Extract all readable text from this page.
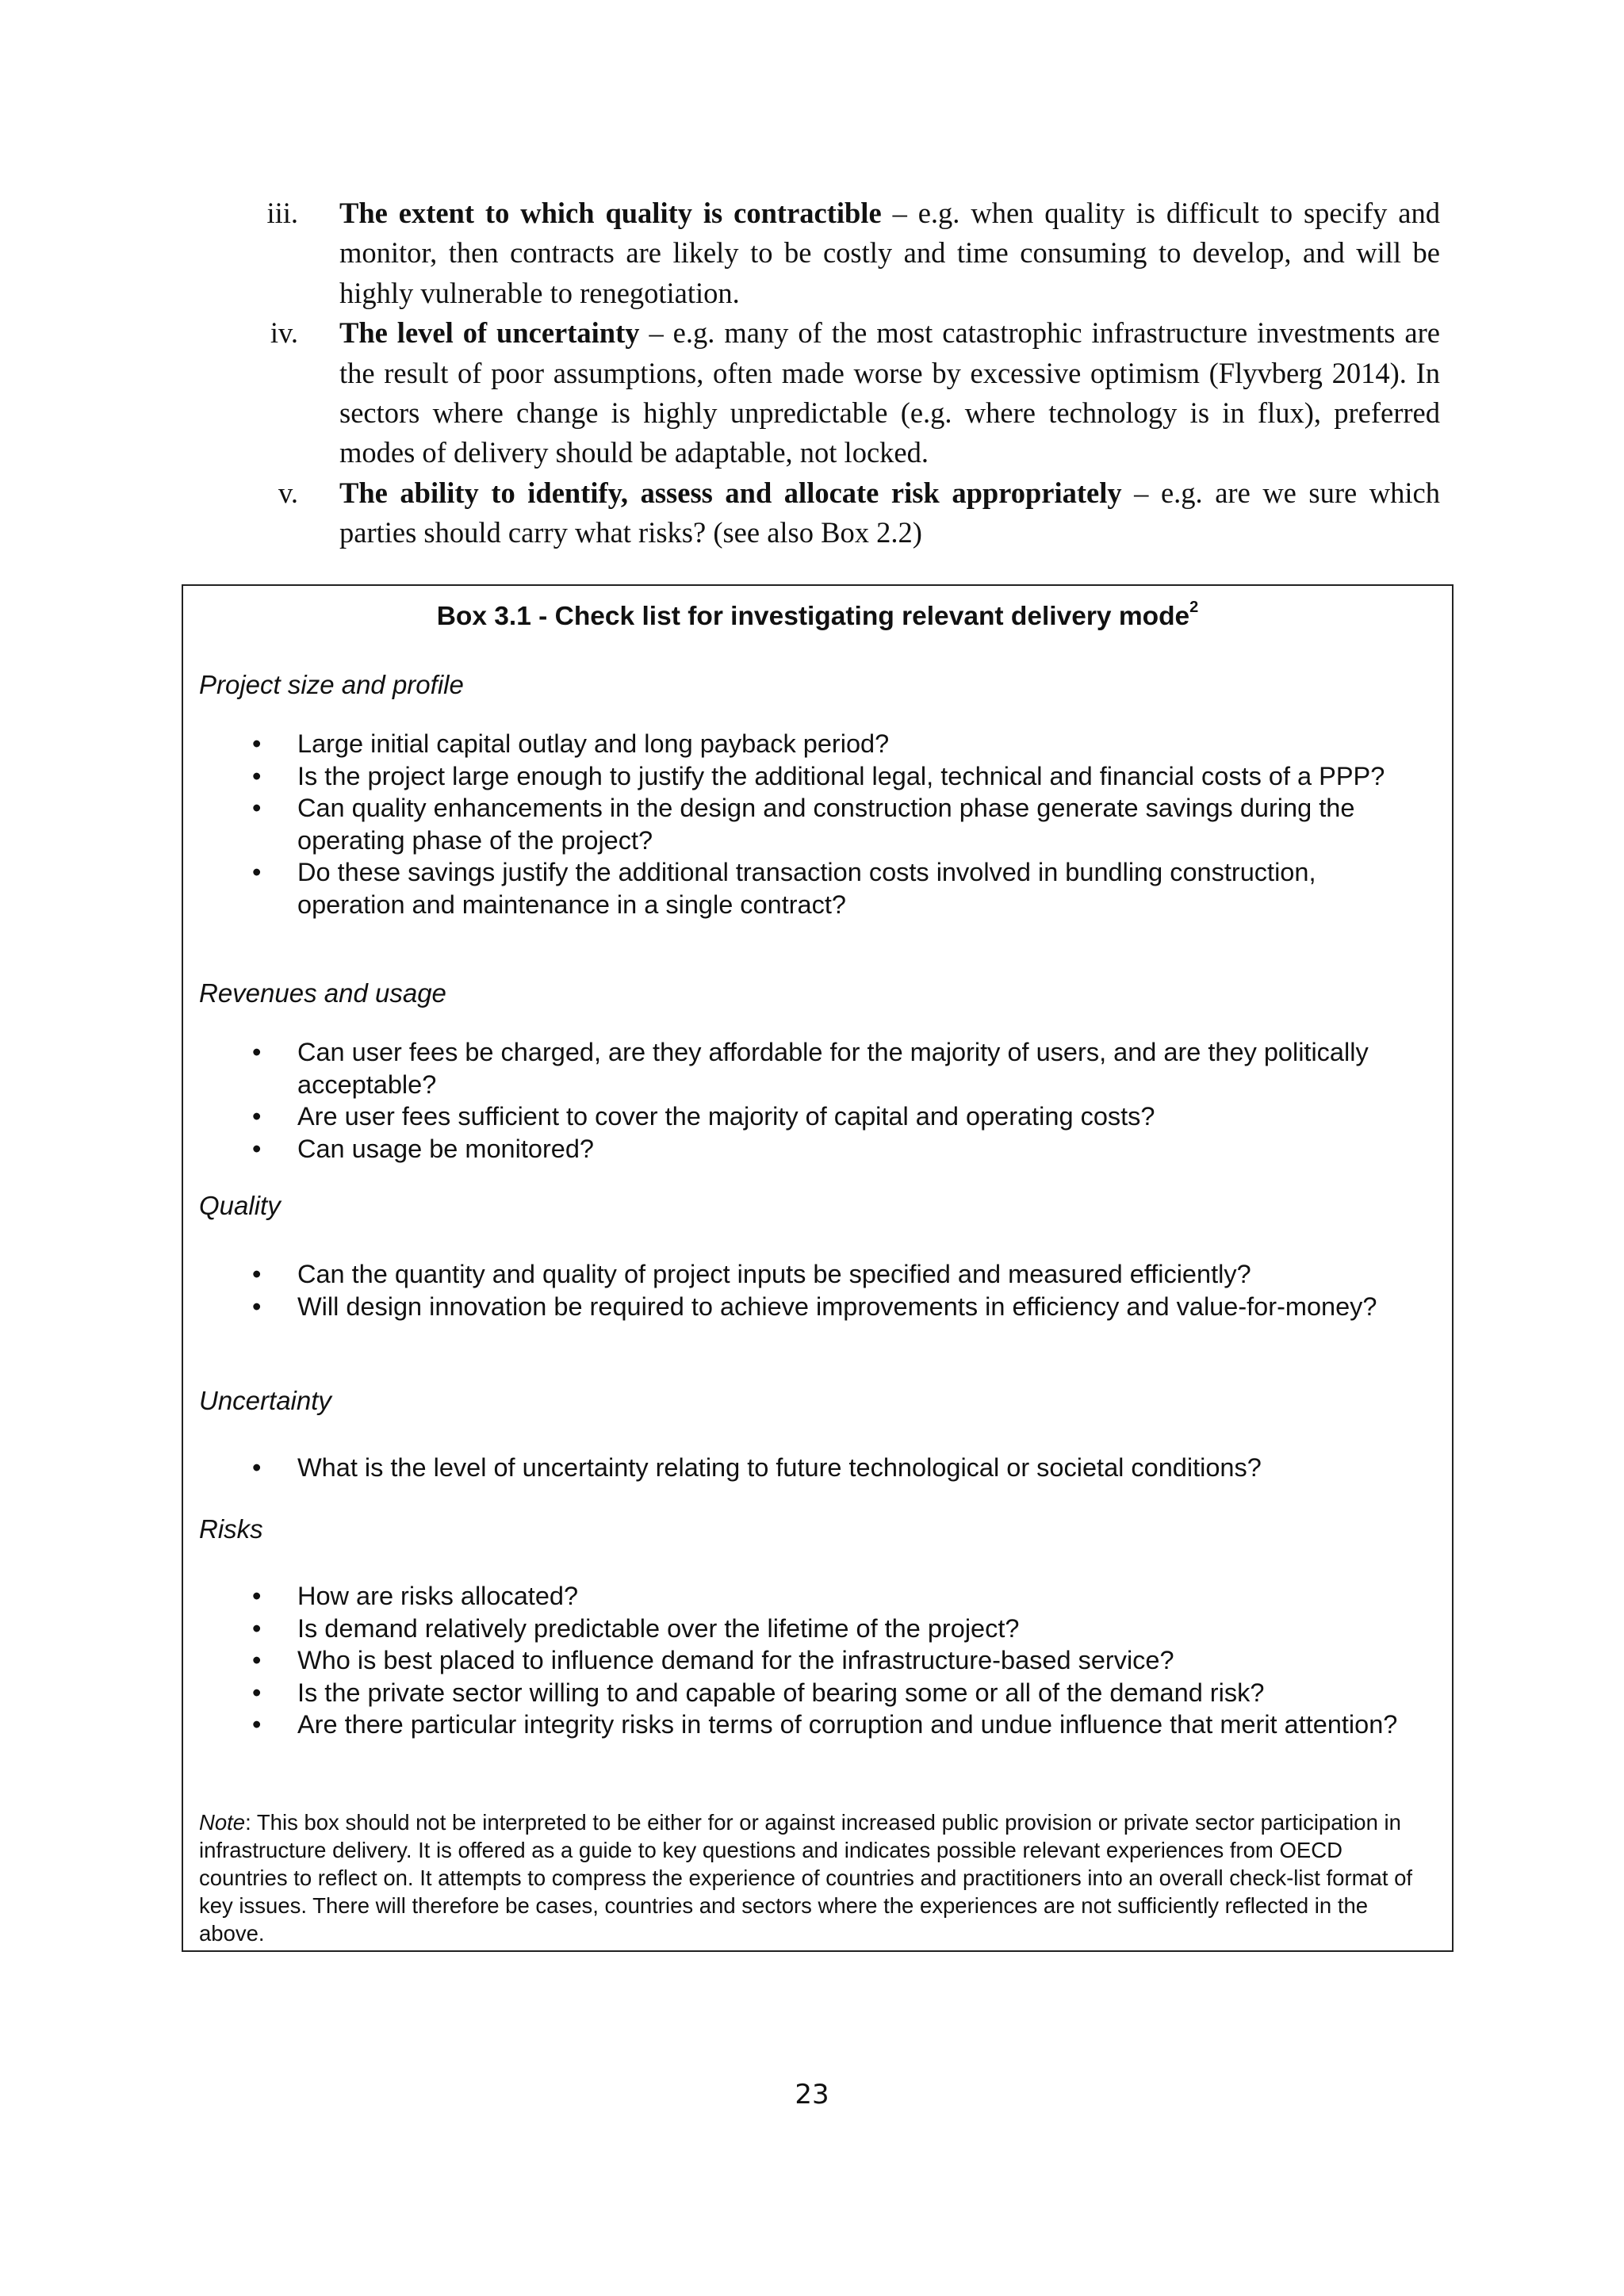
iii. The extent to which quality is contractible – e.g. when quality is difficult to specify and monitor, then contracts are likely to be costly and time consuming to develop, and will be highly vulnerable to renegotiation.
iv. The level of uncertainty – e.g. many of the most catastrophic infrastructure investments are the result of poor assumptions, often made worse by excessive optimism (Flyvberg 2014). In sectors where change is highly unpredictable (e.g. where technology is in flux), preferred modes of delivery should be adaptable, not locked.
v. The ability to identify, assess and allocate risk appropriately – e.g. are we sure which parties should carry what risks? (see also Box 2.2)
Box 3.1 - Check list for investigating relevant delivery mode$^2$

Project size and profile

• Large initial capital outlay and long payback period?
• Is the project large enough to justify the additional legal, technical and financial costs of a PPP?
• Can quality enhancements in the design and construction phase generate savings during the operating phase of the project?
• Do these savings justify the additional transaction costs involved in bundling construction, operation and maintenance in a single contract?

Revenues and usage

• Can user fees be charged, are they affordable for the majority of users, and are they politically acceptable?
• Are user fees sufficient to cover the majority of capital and operating costs?
• Can usage be monitored?

Quality

• Can the quantity and quality of project inputs be specified and measured efficiently?
• Will design innovation be required to achieve improvements in efficiency and value-for-money?

Uncertainty

• What is the level of uncertainty relating to future technological or societal conditions?

Risks

• How are risks allocated?
• Is demand relatively predictable over the lifetime of the project?
• Who is best placed to influence demand for the infrastructure-based service?
• Is the private sector willing to and capable of bearing some or all of the demand risk?
• Are there particular integrity risks in terms of corruption and undue influence that merit attention?
Note: This box should not be interpreted to be either for or against increased public provision or private sector participation in infrastructure delivery. It is offered as a guide to key questions and indicates possible relevant experiences from OECD countries to reflect on. It attempts to compress the experience of countries and practitioners into an overall check-list format of key issues. There will therefore be cases, countries and sectors where the experiences are not sufficiently reflected in the above.
23
